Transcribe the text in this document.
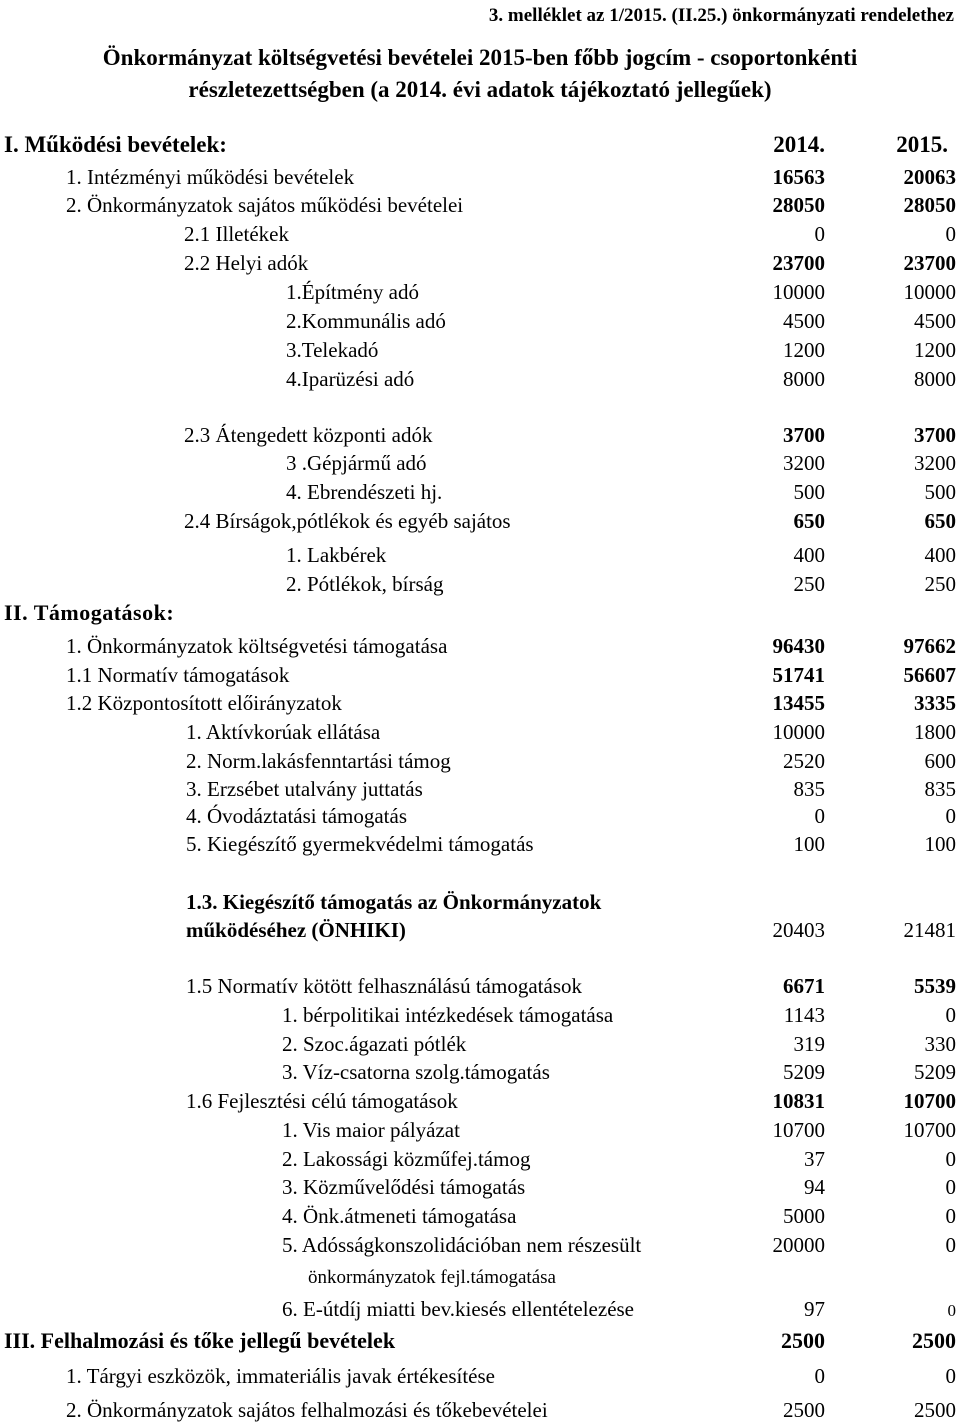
3. melléklet az 1/2015. (II.25.) önkormányzati rendelethez
Önkormányzat költségvetési bevételei 2015-ben főbb jogcím - csoportonkénti
részletezettségben (a 2014. évi adatok tájékoztató jellegűek)
I. Működési bevételek:	2014.	2015.
1. Intézményi működési bevételek	16563	20063
2. Önkormányzatok sajátos működési bevételei	28050	28050
2.1 Illetékek	0	0
2.2 Helyi adók	23700	23700
1.Építmény adó	10000	10000
2.Kommunális adó	4500	4500
3.Telekadó	1200	1200
4.Iparüzési adó	8000	8000
2.3 Átengedett központi adók	3700	3700
3 .Gépjármű adó	3200	3200
4. Ebrendészeti hj.	500	500
2.4 Bírságok,pótlékok és egyéb sajátos	650	650
1. Lakbérek	400	400
2. Pótlékok, bírság	250	250
II. Támogatások:
1. Önkormányzatok költségvetési támogatása	96430	97662
1.1 Normatív támogatások	51741	56607
1.2 Központosított előirányzatok	13455	3335
1. Aktívkorúak ellátása	10000	1800
2. Norm.lakásfenntartási támog	2520	600
3. Erzsébet utalvány juttatás	835	835
4. Óvodáztatási támogatás	0	0
5. Kiegészítő gyermekvédelmi támogatás	100	100
1.3. Kiegészítő támogatás az Önkormányzatok
működéséhez (ÖNHIKI)	20403	21481
1.5 Normatív kötött felhasználású támogatások	6671	5539
1. bérpolitikai intézkedések támogatása	1143	0
2. Szoc.ágazati pótlék	319	330
3. Víz-csatorna szolg.támogatás	5209	5209
1.6 Fejlesztési célú támogatások	10831	10700
1. Vis maior pályázat	10700	10700
2. Lakossági közműfej.támog	37	0
3. Közművelődési támogatás	94	0
4. Önk.átmeneti támogatása	5000	0
5. Adósságkonszolidációban nem részesült	20000	0
önkormányzatok fejl.támogatása
6. E-útdíj miatti bev.kiesés ellentételezése	97	0
III. Felhalmozási és tőke jellegű bevételek	2500	2500
1. Tárgyi eszközök, immateriális javak értékesítése	0	0
2. Önkormányzatok sajátos felhalmozási és tőkebevételei	2500	2500
